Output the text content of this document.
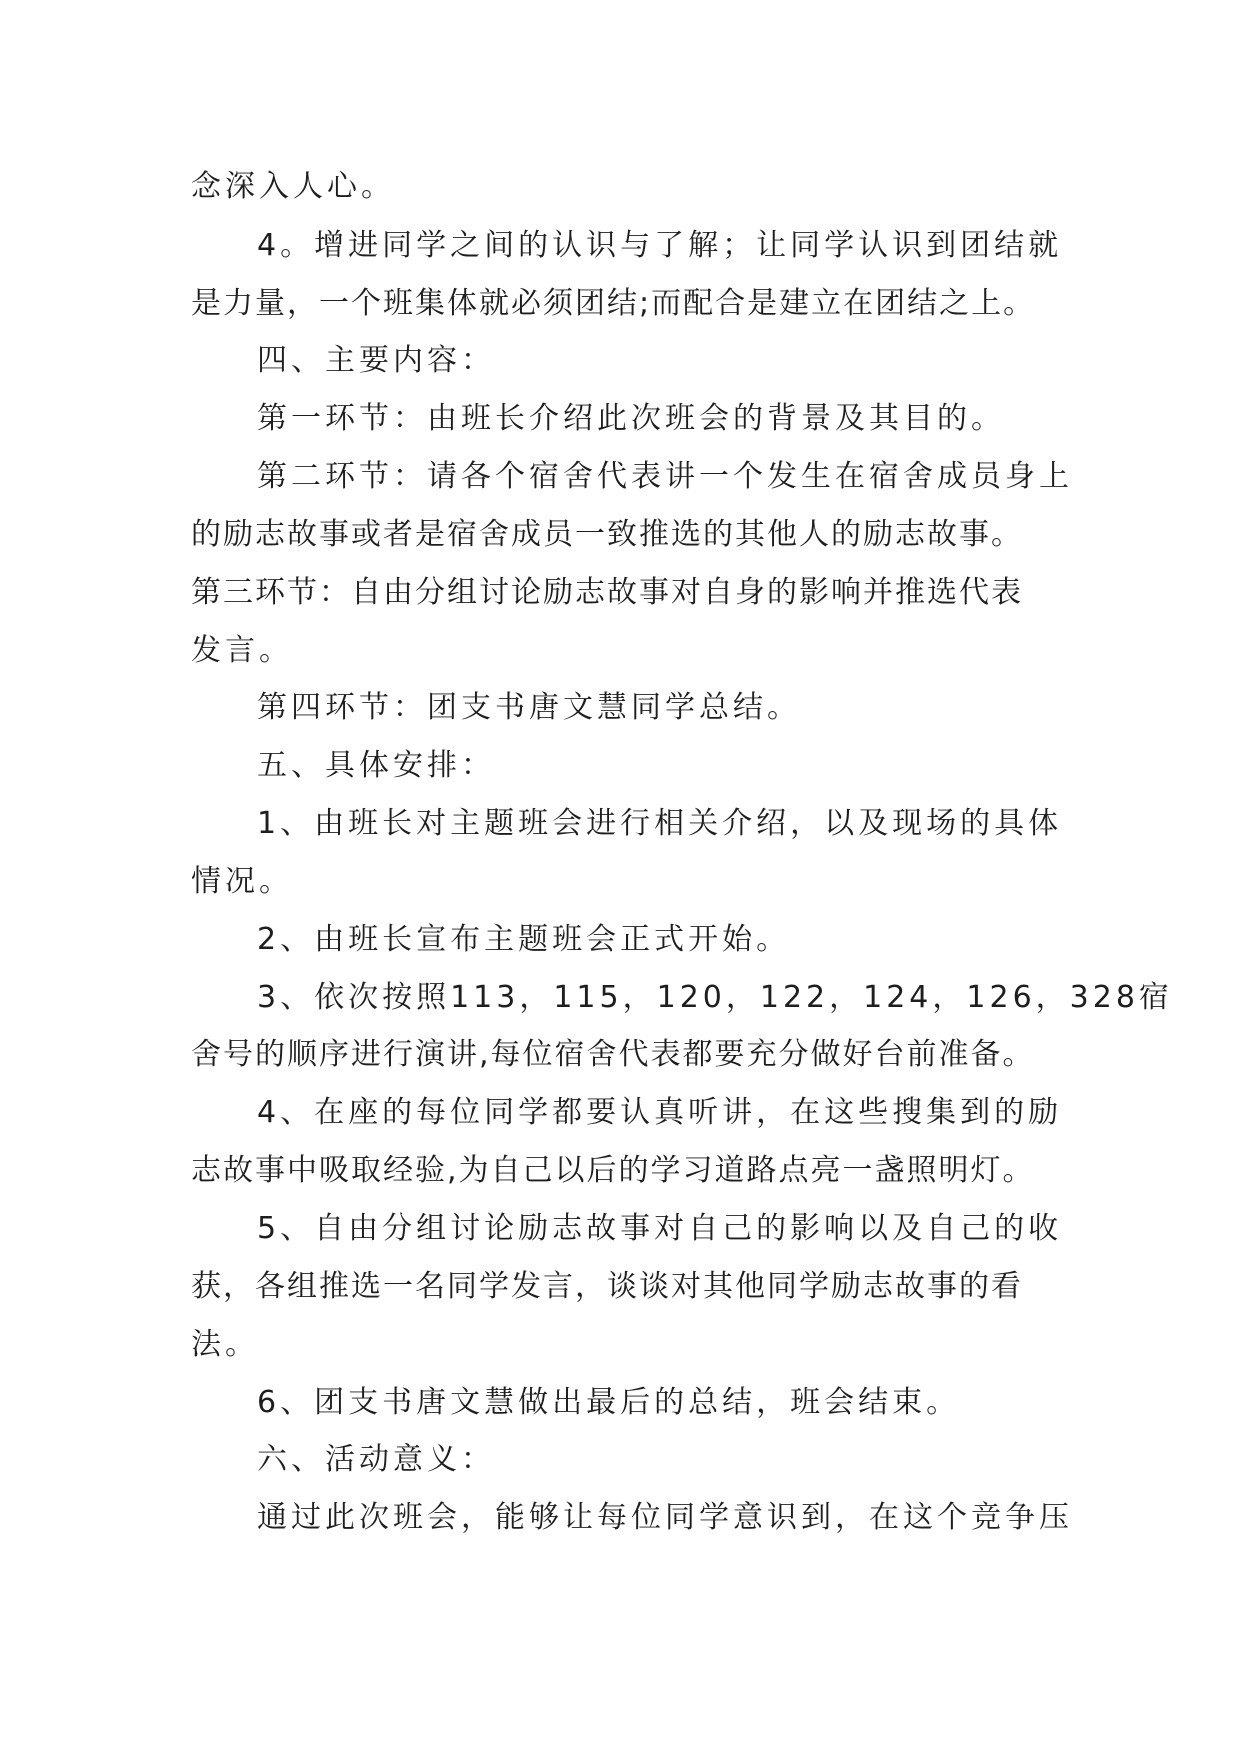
念深入人心。

4。增进同学之间的认识与了解；让同学认识到团结就

是力量，一个班集体就必须团结;而配合是建立在团结之上。

四、主要内容：

第一环节：由班长介绍此次班会的背景及其目的。

第二环节：请各个宿舍代表讲一个发生在宿舍成员身上

的励志故事或者是宿舍成员一致推选的其他人的励志故事。

第三环节：自由分组讨论励志故事对自身的影响并推选代表

发言。

第四环节：团支书唐文慧同学总结。

五、具体安排：

1、由班长对主题班会进行相关介绍，以及现场的具体

情况。

2、由班长宣布主题班会正式开始。

3、依次按照113，115，120，122，124，126，328宿

舍号的顺序进行演讲,每位宿舍代表都要充分做好台前准备。

4、在座的每位同学都要认真听讲，在这些搜集到的励

志故事中吸取经验,为自己以后的学习道路点亮一盏照明灯。

5、自由分组讨论励志故事对自己的影响以及自己的收

获，各组推选一名同学发言，谈谈对其他同学励志故事的看

法。

6、团支书唐文慧做出最后的总结，班会结束。

六、活动意义：

通过此次班会，能够让每位同学意识到，在这个竞争压
